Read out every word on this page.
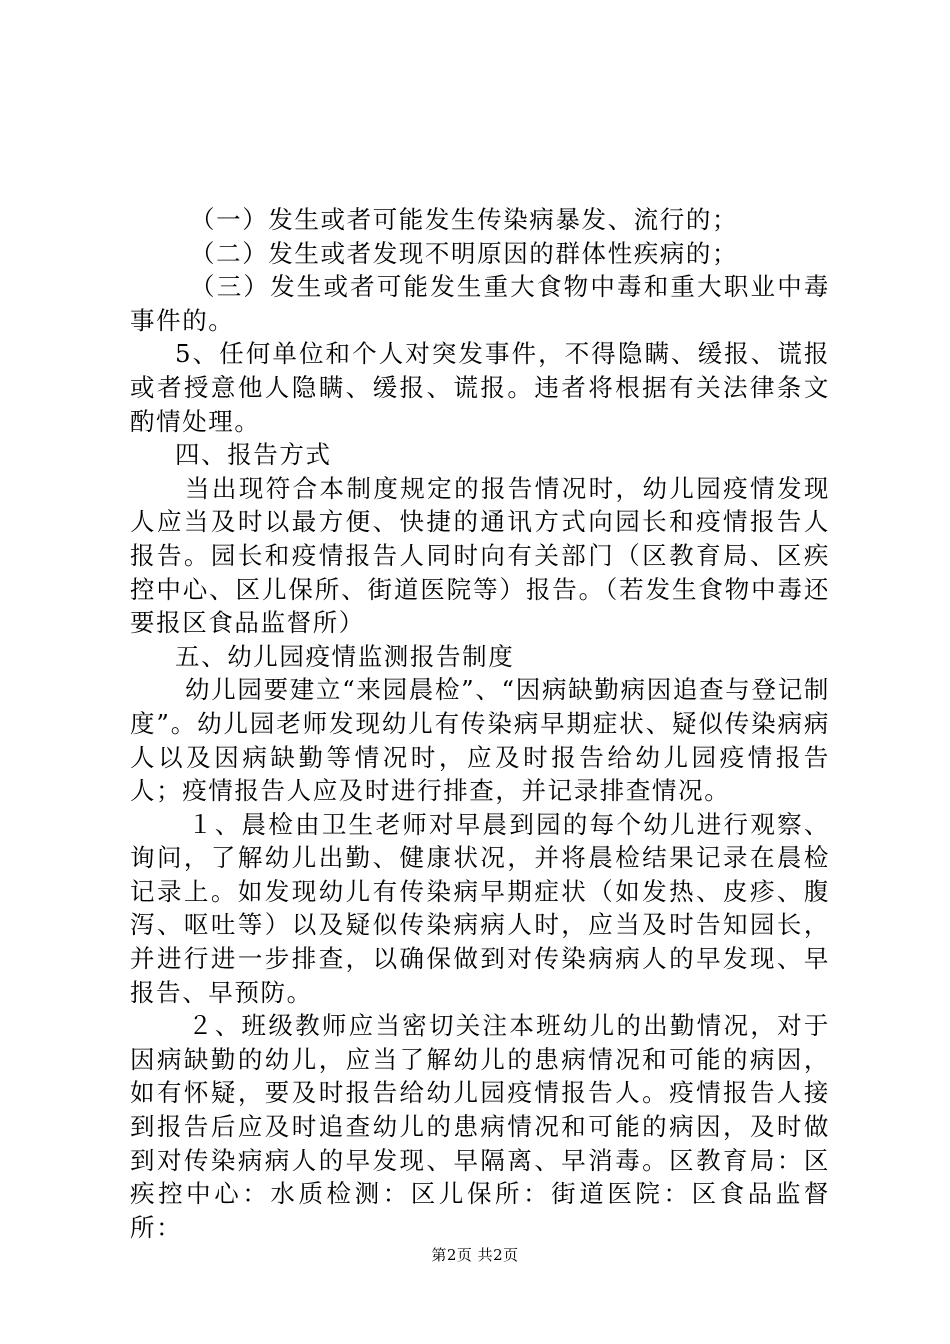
（一）发生或者可能发生传染病暴发、流行的；

（二）发生或者发现不明原因的群体性疾病的；

（三）发生或者可能发生重大食物中毒和重大职业中毒事件的。

5、任何单位和个人对突发事件，不得隐瞒、缓报、谎报或者授意他人隐瞒、缓报、谎报。违者将根据有关法律条文酌情处理。

四、报告方式

当出现符合本制度规定的报告情况时，幼儿园疫情发现人应当及时以最方便、快捷的通讯方式向园长和疫情报告人报告。园长和疫情报告人同时向有关部门（区教育局、区疾控中心、区儿保所、街道医院等）报告。（若发生食物中毒还要报区食品监督所）

五、幼儿园疫情监测报告制度

幼儿园要建立“来园晨检”、“因病缺勤病因追查与登记制度”。幼儿园老师发现幼儿有传染病早期症状、疑似传染病病人以及因病缺勤等情况时，应及时报告给幼儿园疫情报告人；疫情报告人应及时进行排查，并记录排查情况。

１、晨检由卫生老师对早晨到园的每个幼儿进行观察、询问，了解幼儿出勤、健康状况，并将晨检结果记录在晨检记录上。如发现幼儿有传染病早期症状（如发热、皮疹、腹泻、呕吐等）以及疑似传染病病人时，应当及时告知园长，并进行进一步排查，以确保做到对传染病病人的早发现、早报告、早预防。

２、班级教师应当密切关注本班幼儿的出勤情况，对于因病缺勤的幼儿，应当了解幼儿的患病情况和可能的病因，如有怀疑，要及时报告给幼儿园疫情报告人。疫情报告人接到报告后应及时追查幼儿的患病情况和可能的病因，及时做到对传染病病人的早发现、早隔离、早消毒。区教育局：区疾控中心：水质检测：区儿保所：街道医院：区食品监督所：

第2页 共2页
